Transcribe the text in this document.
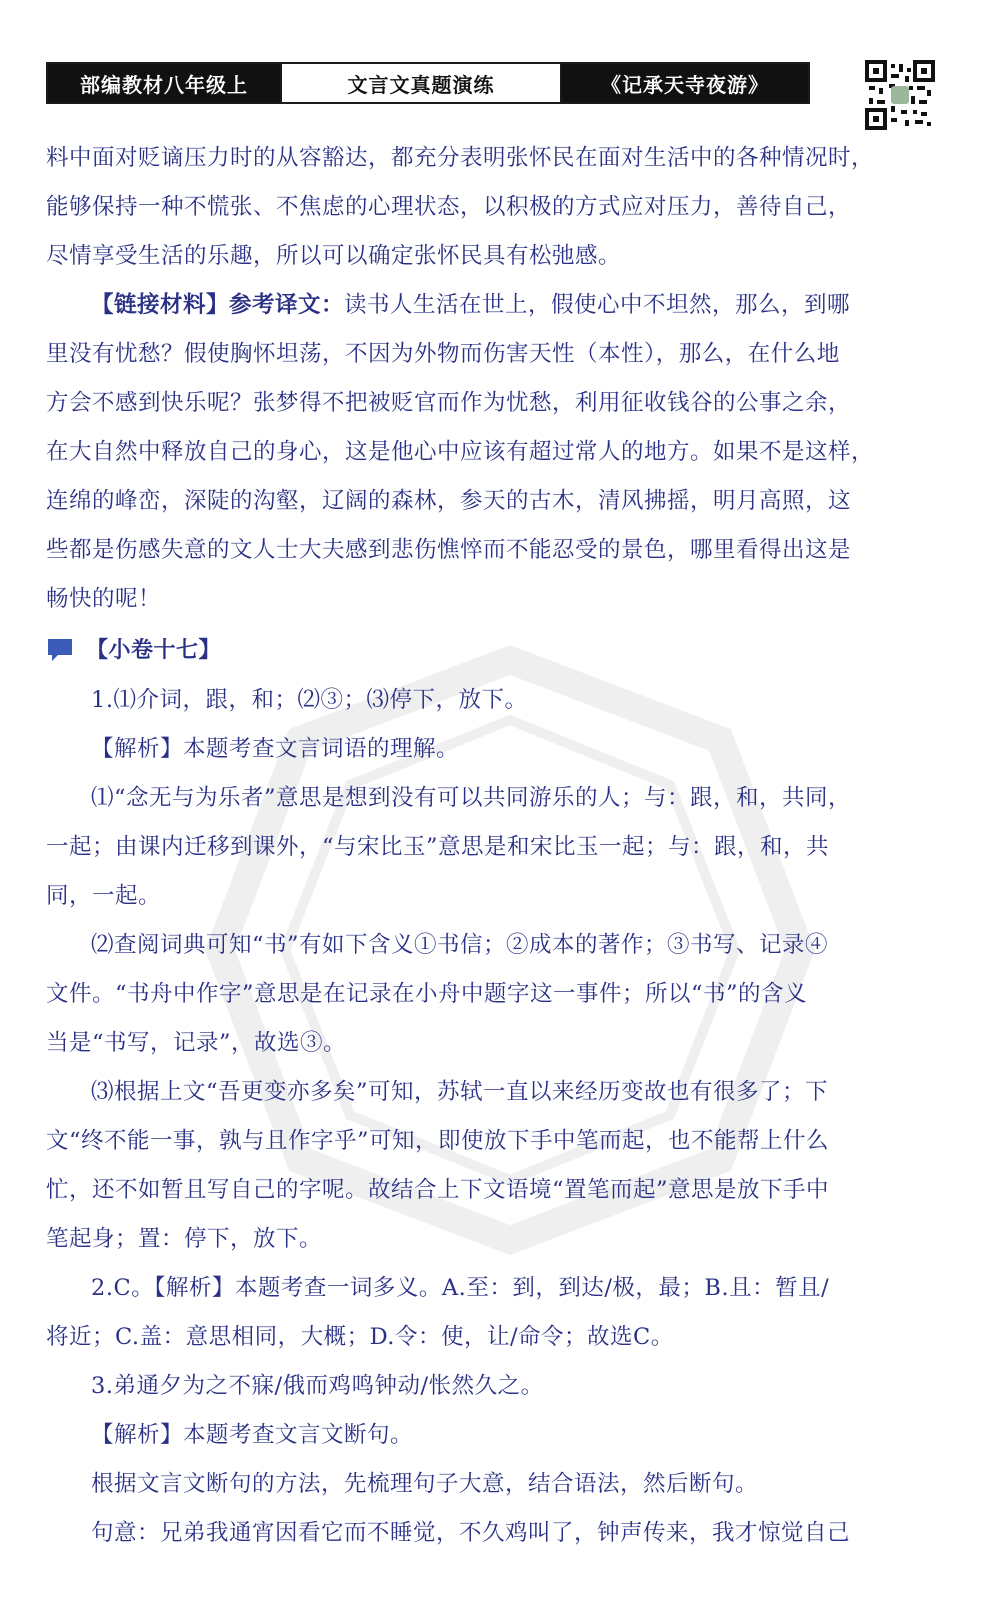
部编教材八年级上	文言文真题演练	《记承天寺夜游》
料中面对贬谪压力时的从容豁达，都充分表明张怀民在面对生活中的各种情况时，
能够保持一种不慌张、不焦虑的心理状态，以积极的方式应对压力，善待自己，
尽情享受生活的乐趣，所以可以确定张怀民具有松弛感。
【链接材料】参考译文：读书人生活在世上，假使心中不坦然，那么，到哪
里没有忧愁？假使胸怀坦荡，不因为外物而伤害天性（本性），那么，在什么地
方会不感到快乐呢？张梦得不把被贬官而作为忧愁，利用征收钱谷的公事之余，
在大自然中释放自己的身心，这是他心中应该有超过常人的地方。如果不是这样，
连绵的峰峦，深陡的沟壑，辽阔的森林，参天的古木，清风拂摇，明月高照，这
些都是伤感失意的文人士大夫感到悲伤憔悴而不能忍受的景色，哪里看得出这是
畅快的呢！
【小卷十七】
1.⑴介词，跟，和；⑵③；⑶停下，放下。
【解析】本题考查文言词语的理解。
⑴“念无与为乐者”意思是想到没有可以共同游乐的人；与：跟，和，共同，
一起；由课内迁移到课外，“与宋比玉”意思是和宋比玉一起；与：跟，和，共
同，一起。
⑵查阅词典可知“书”有如下含义①书信；②成本的著作；③书写、记录④
文件。“书舟中作字”意思是在记录在小舟中题字这一事件；所以“书”的含义
当是“书写，记录”，故选③。
⑶根据上文“吾更变亦多矣”可知，苏轼一直以来经历变故也有很多了；下
文“终不能一事，孰与且作字乎”可知，即使放下手中笔而起，也不能帮上什么
忙，还不如暂且写自己的字呢。故结合上下文语境“置笔而起”意思是放下手中
笔起身；置：停下，放下。
2.C。【解析】本题考查一词多义。A.至：到，到达/极，最；B.且：暂且/
将近；C.盖：意思相同，大概；D.令：使，让/命令；故选C。
3.弟通夕为之不寐/俄而鸡鸣钟动/怅然久之。
【解析】本题考查文言文断句。
根据文言文断句的方法，先梳理句子大意，结合语法，然后断句。
句意：兄弟我通宵因看它而不睡觉，不久鸡叫了，钟声传来，我才惊觉自己
